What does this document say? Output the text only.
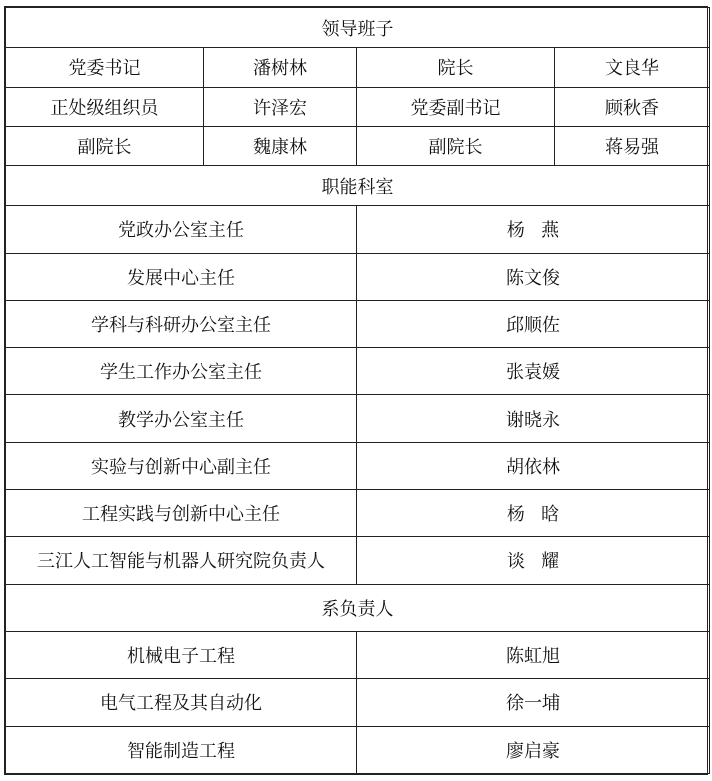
领导班子			
党委书记	潘树林	院长	文良华
正处级组织员	许泽宏	党委副书记	顾秋香
副院长	魏康林	副院长	蒋易强
职能科室			
党政办公室主任		杨燕	
发展中心主任		陈文俊	
学科与科研办公室主任		邱顺佐	
学生工作办公室主任		张袁媛	
教学办公室主任		谢晓永	
实验与创新中心副主任		胡依林	
工程实践与创新中心主任		杨晗	
三江人工智能与机器人研究院负责人		谈耀	
系负责人			
机械电子工程		陈虹旭	
电气工程及其自动化		徐一埔	
智能制造工程		廖启豪	
